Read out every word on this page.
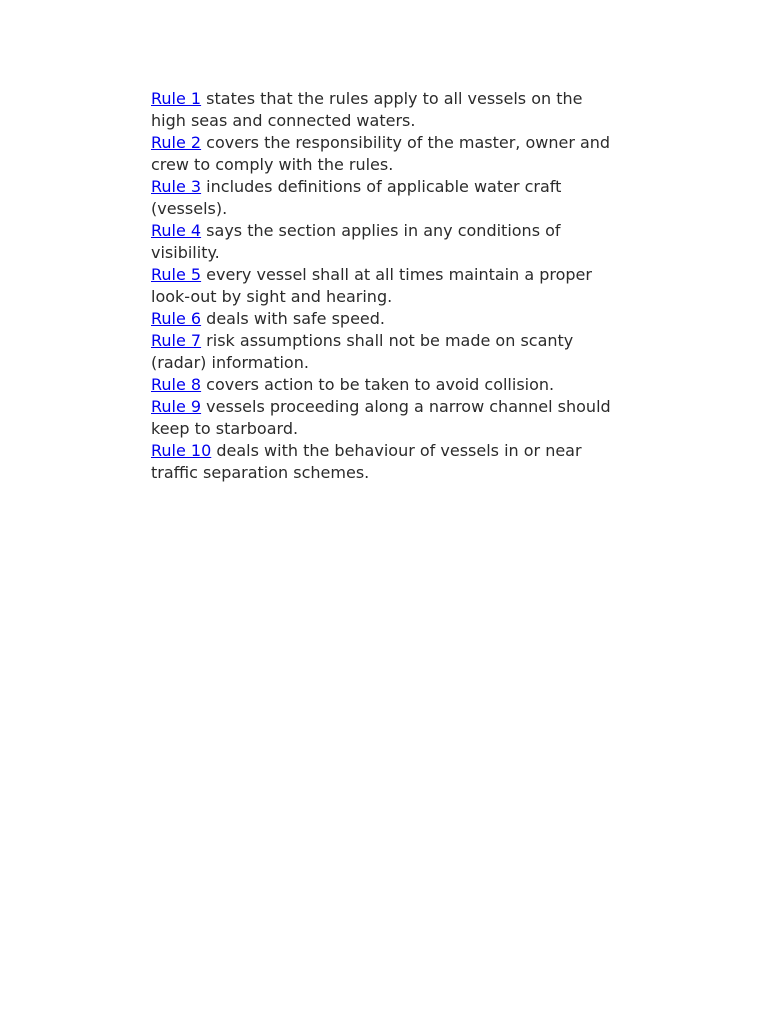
Rule 1 states that the rules apply to all vessels on the high seas and connected waters.

Rule 2 covers the responsibility of the master, owner and crew to comply with the rules.

Rule 3 includes definitions of applicable water craft (vessels).

Rule 4 says the section applies in any conditions of visibility.

Rule 5 every vessel shall at all times maintain a proper look-out by sight and hearing.

Rule 6 deals with safe speed.

Rule 7 risk assumptions shall not be made on scanty (radar) information.

Rule 8 covers action to be taken to avoid collision.

Rule 9 vessels proceeding along a narrow channel should keep to starboard.

Rule 10 deals with the behaviour of vessels in or near traffic separation schemes.
